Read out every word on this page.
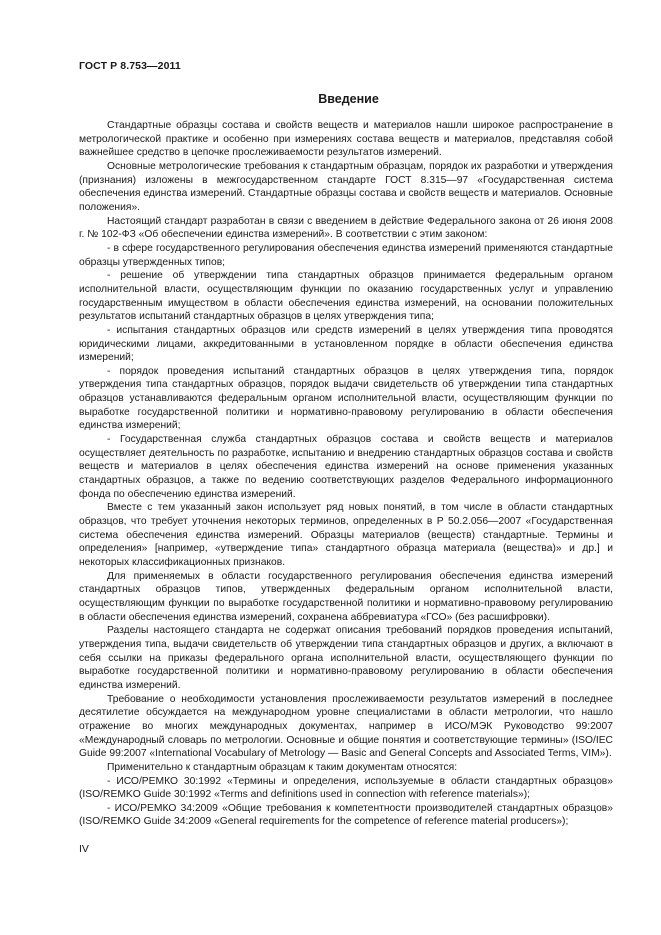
ГОСТ Р 8.753—2011
Введение

Стандартные образцы состава и свойств веществ и материалов нашли широкое распространение в метрологической практике и особенно при измерениях состава веществ и материалов, представляя собой важнейшее средство в цепочке прослеживаемости результатов измерений.

Основные метрологические требования к стандартным образцам, порядок их разработки и утверждения (признания) изложены в межгосударственном стандарте ГОСТ 8.315—97 «Государственная система обеспечения единства измерений. Стандартные образцы состава и свойств веществ и материалов. Основные положения».

Настоящий стандарт разработан в связи с введением в действие Федерального закона от 26 июня 2008 г. № 102-ФЗ «Об обеспечении единства измерений». В соответствии с этим законом:

- в сфере государственного регулирования обеспечения единства измерений применяются стандартные образцы утвержденных типов;

- решение об утверждении типа стандартных образцов принимается федеральным органом исполнительной власти, осуществляющим функции по оказанию государственных услуг и управлению государственным имуществом в области обеспечения единства измерений, на основании положительных результатов испытаний стандартных образцов в целях утверждения типа;

- испытания стандартных образцов или средств измерений в целях утверждения типа проводятся юридическими лицами, аккредитованными в установленном порядке в области обеспечения единства измерений;

- порядок проведения испытаний стандартных образцов в целях утверждения типа, порядок утверждения типа стандартных образцов, порядок выдачи свидетельств об утверждении типа стандартных образцов устанавливаются федеральным органом исполнительной власти, осуществляющим функции по выработке государственной политики и нормативно-правовому регулированию в области обеспечения единства измерений;

- Государственная служба стандартных образцов состава и свойств веществ и материалов осуществляет деятельность по разработке, испытанию и внедрению стандартных образцов состава и свойств веществ и материалов в целях обеспечения единства измерений на основе применения указанных стандартных образцов, а также по ведению соответствующих разделов Федерального информационного фонда по обеспечению единства измерений.

Вместе с тем указанный закон использует ряд новых понятий, в том числе в области стандартных образцов, что требует уточнения некоторых терминов, определенных в Р 50.2.056—2007 «Государственная система обеспечения единства измерений. Образцы материалов (веществ) стандартные. Термины и определения» [например, «утверждение типа» стандартного образца материала (вещества)» и др.] и некоторых классификационных признаков.

Для применяемых в области государственного регулирования обеспечения единства измерений стандартных образцов типов, утвержденных федеральным органом исполнительной власти, осуществляющим функции по выработке государственной политики и нормативно-правовому регулированию в области обеспечения единства измерений, сохранена аббревиатура «ГСО» (без расшифровки).

Разделы настоящего стандарта не содержат описания требований порядков проведения испытаний, утверждения типа, выдачи свидетельств об утверждении типа стандартных образцов и других, а включают в себя ссылки на приказы федерального органа исполнительной власти, осуществляющего функции по выработке государственной политики и нормативно-правовому регулированию в области обеспечения единства измерений.

Требование о необходимости установления прослеживаемости результатов измерений в последнее десятилетие обсуждается на международном уровне специалистами в области метрологии, что нашло отражение во многих международных документах, например в ИСО/МЭК Руководство 99:2007 «Международный словарь по метрологии. Основные и общие понятия и соответствующие термины» (ISO/IEC Guide 99:2007 «International Vocabulary of Metrology — Basic and General Concepts and Associated Terms, VIM»).

Применительно к стандартным образцам к таким документам относятся:

- ИСО/РЕМКО 30:1992 «Термины и определения, используемые в области стандартных образцов» (ISO/REMKO Guide 30:1992 «Terms and definitions used in connection with reference materials»);

- ИСО/РЕМКО 34:2009 «Общие требования к компетентности производителей стандартных образцов» (ISO/REMKO Guide 34:2009 «General requirements for the competence of reference material producers»);

IV
